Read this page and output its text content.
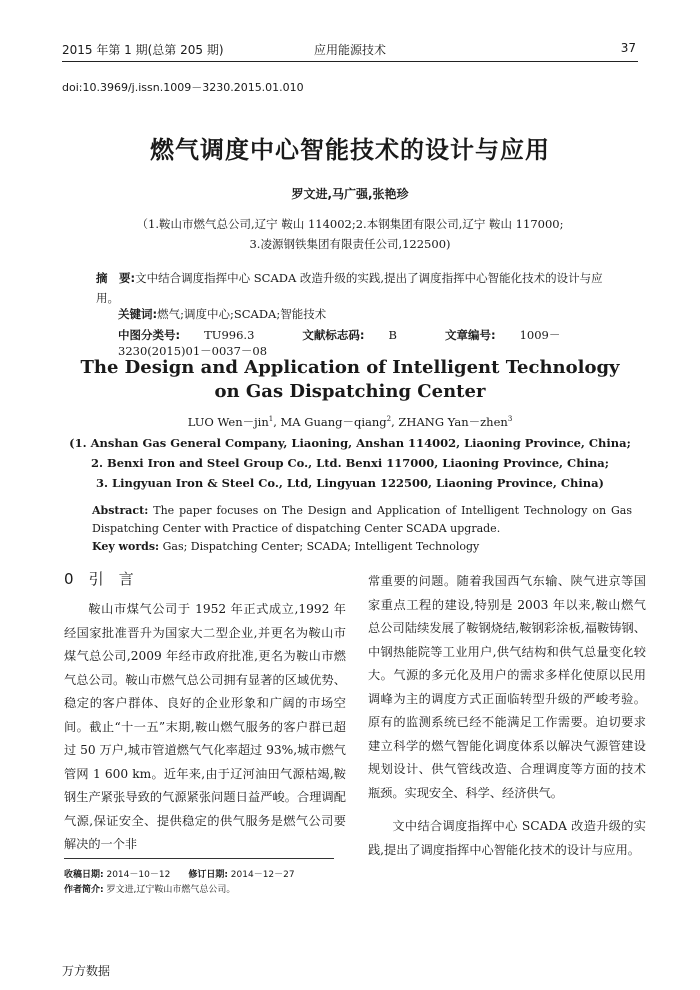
2015 年第 1 期(总第 205 期)	应用能源技术	37
doi:10.3969/j.issn.1009－3230.2015.01.010
燃气调度中心智能技术的设计与应用
罗文进,马广强,张艳珍
（1.鞍山市燃气总公司,辽宁 鞍山 114002;2.本钢集团有限公司,辽宁 鞍山 117000;
3.凌源钢铁集团有限责任公司,122500)
摘　要:文中结合调度指挥中心 SCADA 改造升级的实践,提出了调度指挥中心智能化技术的设计与应用。
关键词:燃气;调度中心;SCADA;智能技术
中图分类号: TU996.3	文献标志码: B	文章编号: 1009－3230(2015)01－0037－08
The Design and Application of Intelligent Technology
on Gas Dispatching Center
LUO Wen－jin$^1$, MA Guang－qiang$^2$, ZHANG Yan－zhen$^3$
(1. Anshan Gas General Company, Liaoning, Anshan 114002, Liaoning Province, China;
2. Benxi Iron and Steel Group Co., Ltd. Benxi 117000, Liaoning Province, China;
3. Lingyuan Iron & Steel Co., Ltd, Lingyuan 122500, Liaoning Province, China)
Abstract: The paper focuses on The Design and Application of Intelligent Technology on Gas Dispatching Center with Practice of dispatching Center SCADA upgrade.
Key words: Gas; Dispatching Center; SCADA; Intelligent Technology
0　 引　言

鞍山市煤气公司于 1952 年正式成立,1992 年经国家批准晋升为国家大二型企业,并更名为鞍山市煤气总公司,2009 年经市政府批准,更名为鞍山市燃气总公司。鞍山市燃气总公司拥有显著的区域优势、稳定的客户群体、良好的企业形象和广阔的市场空间。截止“十一五”末期,鞍山燃气服务的客户群已超过 50 万户,城市管道燃气气化率超过 93%,城市燃气管网 1 600 km。近年来,由于辽河油田气源枯竭,鞍钢生产紧张导致的气源紧张问题日益严峻。合理调配气源,保证安全、提供稳定的供气服务是燃气公司要解决的一个非

常重要的问题。随着我国西气东输、陕气进京等国家重点工程的建设,特别是 2003 年以来,鞍山燃气总公司陆续发展了鞍钢烧结,鞍钢彩涂板,福鞍铸钢、中钢热能院等工业用户,供气结构和供气总量变化较大。气源的多元化及用户的需求多样化使原以民用调峰为主的调度方式正面临转型升级的严峻考验。原有的监测系统已经不能满足工作需要。迫切要求建立科学的燃气智能化调度体系以解决气源管建设规划设计、供气管线改造、合理调度等方面的技术瓶颈。实现安全、科学、经济供气。

文中结合调度指挥中心 SCADA 改造升级的实践,提出了调度指挥中心智能化技术的设计与应用。

收稿日期: 2014－10－12　　 修订日期: 2014－12－27
作者简介: 罗文进,辽宁鞍山市燃气总公司。
万方数据
